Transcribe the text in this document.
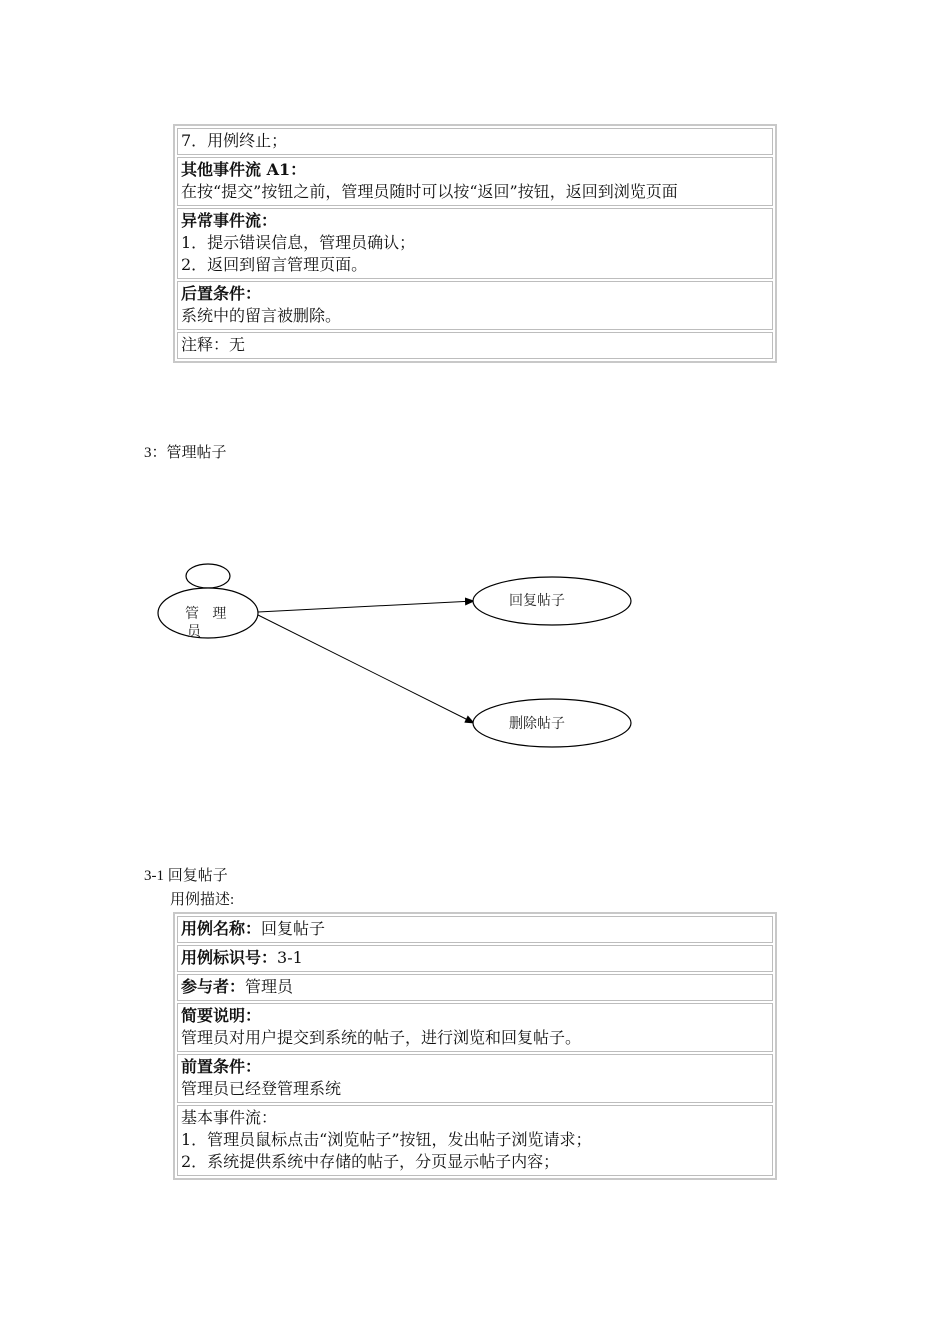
7．用例终止；

其他事件流 A1：
在按“提交”按钮之前，管理员随时可以按“返回”按钮，返回到浏览页面

异常事件流：
1．提示错误信息，管理员确认；
2．返回到留言管理页面。

后置条件：
系统中的留言被删除。

注释：无
3：管理帖子
管   理
员
回复帖子
删除帖子
3-1 回复帖子
用例描述:
用例名称：回复帖子
用例标识号：3-1
参与者：管理员

简要说明：
管理员对用户提交到系统的帖子，进行浏览和回复帖子。

前置条件：
管理员已经登管理系统

基本事件流：
1．管理员鼠标点击“浏览帖子”按钮，发出帖子浏览请求；
2．系统提供系统中存储的帖子，分页显示帖子内容；
